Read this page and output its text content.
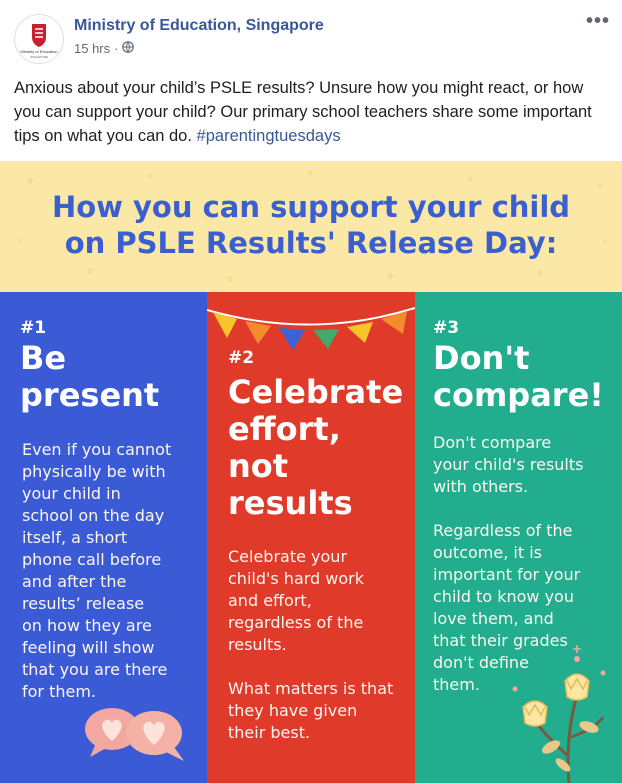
Ministry of Education
SINGAPORE
Ministry of Education, Singapore
15 hrs ·
•••
Anxious about your child’s PSLE results? Unsure how you might react, or how you can support your child? Our primary school teachers share some important tips on what you can do. #parentingtuesdays
How you can support your child
on PSLE Results' Release Day:
#1
Be
present
Even if you cannot
physically be with
your child in
school on the day
itself, a short
phone call before
and after the
results’ release
on how they are
feeling will show
that you are there
for them.
#2
Celebrate
effort,
not
results
Celebrate your
child's hard work
and effort,
regardless of the
results.
What matters is that
they have given
their best.
#3
Don't
compare!
Don't compare
your child's results
with others.
Regardless of the
outcome, it is
important for your
child to know you
love them, and
that their grades
don't define
them.
